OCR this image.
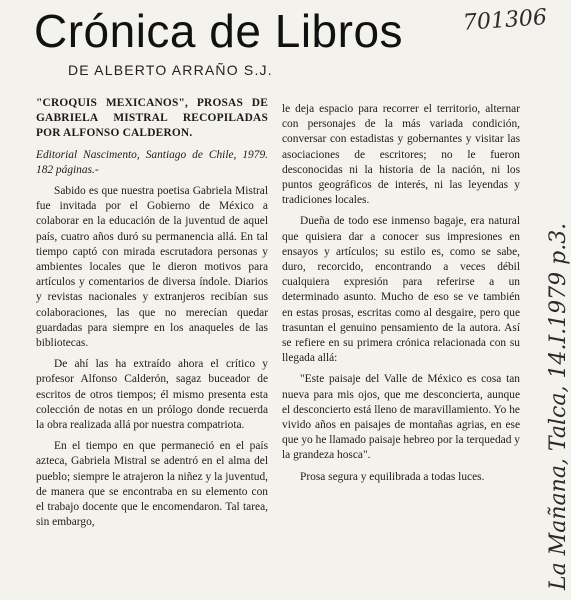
Crónica de Libros
DE ALBERTO ARRAÑO S.J.
701306
La Mañana, Talca, 14.I.1979 p.3.

"CROQUIS MEXICANOS", PROSAS DE GABRIELA MISTRAL RECOPILADAS POR ALFONSO CALDERON.

Editorial Nascimento, Santiago de Chile, 1979. 182 páginas.-

Sabido es que nuestra poetisa Gabriela Mistral fue invitada por el Gobierno de México a colaborar en la educación de la juventud de aquel país, cuatro años duró su permanencia allá. En tal tiempo captó con mirada escrutadora personas y ambientes locales que le dieron motivos para artículos y comentarios de diversa índole. Diarios y revistas nacionales y extranjeros recibían sus colaboraciones, las que no merecían quedar guardadas para siempre en los anaqueles de las bibliotecas.

De ahí las ha extraído ahora el crítico y profesor Alfonso Calderón, sagaz buceador de escritos de otros tiempos; él mismo presenta esta colección de notas en un prólogo donde recuerda la obra realizada allá por nuestra compatriota.

En el tiempo en que permaneció en el país azteca, Gabriela Mistral se adentró en el alma del pueblo; siempre le atrajeron la niñez y la juventud, de manera que se encontraba en su elemento con el trabajo docente que le encomendaron. Tal tarea, sin embargo,

le deja espacio para recorrer el territorio, alternar con personajes de la más variada condición, conversar con estadistas y gobernantes y visitar las asociaciones de escritores; no le fueron desconocidas ni la historia de la nación, ni los puntos geográficos de interés, ni las leyendas y tradiciones locales.

Dueña de todo ese inmenso bagaje, era natural que quisiera dar a conocer sus impresiones en ensayos y artículos; su estilo es, como se sabe, duro, recorcido, encontrando a veces débil cualquiera expresión para referirse a un determinado asunto. Mucho de eso se ve también en estas prosas, escritas como al desgaire, pero que trasuntan el genuino pensamiento de la autora. Así se refiere en su primera crónica relacionada con su llegada allá:

"Este paisaje del Valle de México es cosa tan nueva para mis ojos, que me desconcierta, aunque el desconcierto está lleno de maravillamiento. Yo he vivido años en paisajes de montañas agrias, en ese que yo he llamado paisaje hebreo por la terquedad y la grandeza hosca".

Prosa segura y equilibrada a todas luces.
